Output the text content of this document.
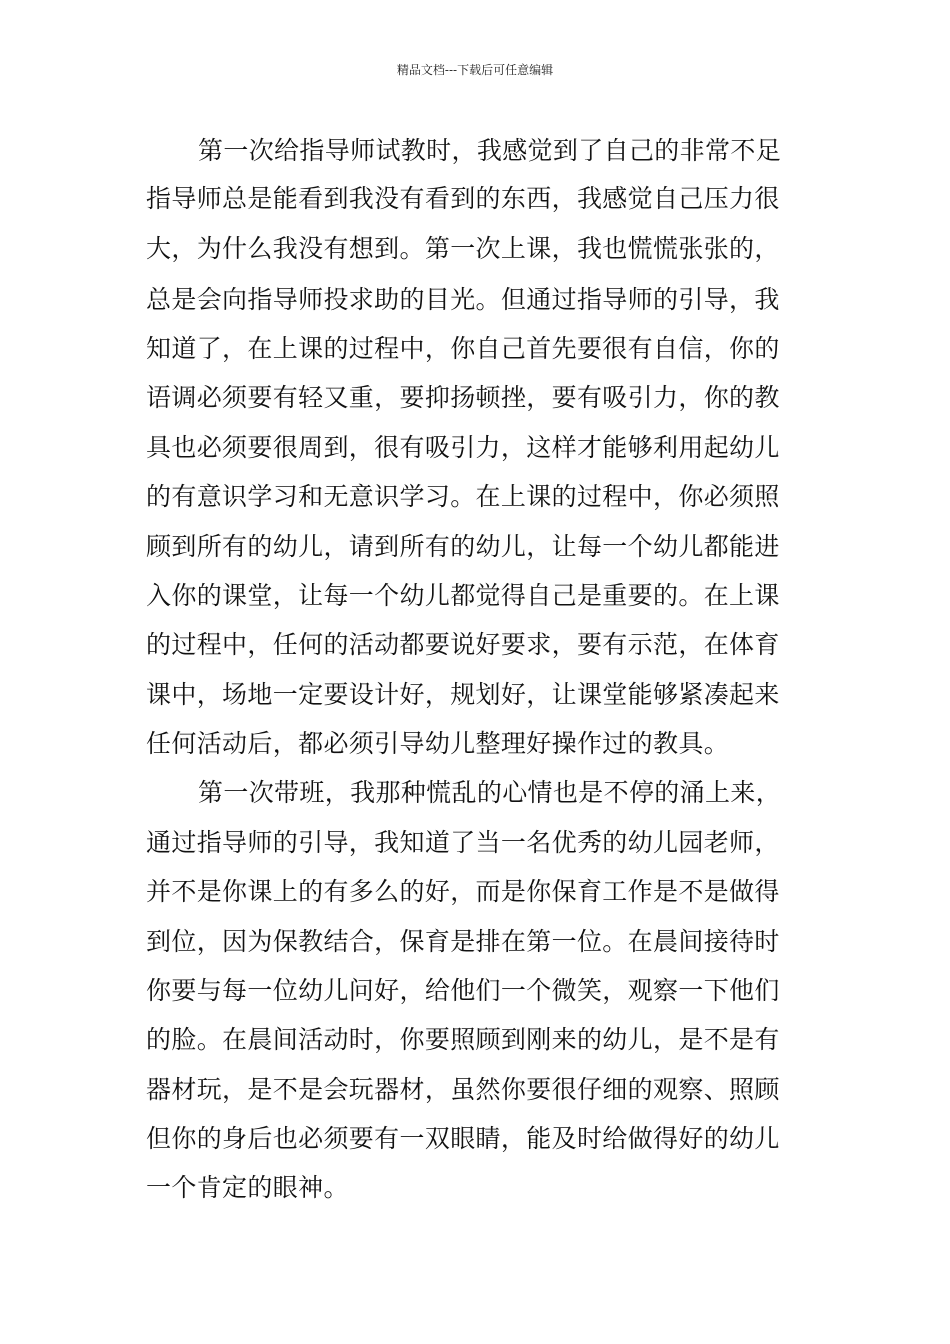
精品文档---下载后可任意编辑
第一次给指导师试教时，我感觉到了自己的非常不足
指导师总是能看到我没有看到的东西，我感觉自己压力很
大，为什么我没有想到。第一次上课，我也慌慌张张的，
总是会向指导师投求助的目光。但通过指导师的引导，我
知道了，在上课的过程中，你自己首先要很有自信，你的
语调必须要有轻又重，要抑扬顿挫，要有吸引力，你的教
具也必须要很周到，很有吸引力，这样才能够利用起幼儿
的有意识学习和无意识学习。在上课的过程中，你必须照
顾到所有的幼儿，请到所有的幼儿，让每一个幼儿都能进
入你的课堂，让每一个幼儿都觉得自己是重要的。在上课
的过程中，任何的活动都要说好要求，要有示范，在体育
课中，场地一定要设计好，规划好，让课堂能够紧凑起来
任何活动后，都必须引导幼儿整理好操作过的教具。
第一次带班，我那种慌乱的心情也是不停的涌上来，
通过指导师的引导，我知道了当一名优秀的幼儿园老师，
并不是你课上的有多么的好，而是你保育工作是不是做得
到位，因为保教结合，保育是排在第一位。在晨间接待时
你要与每一位幼儿问好，给他们一个微笑，观察一下他们
的脸。在晨间活动时，你要照顾到刚来的幼儿，是不是有
器材玩，是不是会玩器材，虽然你要很仔细的观察、照顾
但你的身后也必须要有一双眼睛，能及时给做得好的幼儿
一个肯定的眼神。
